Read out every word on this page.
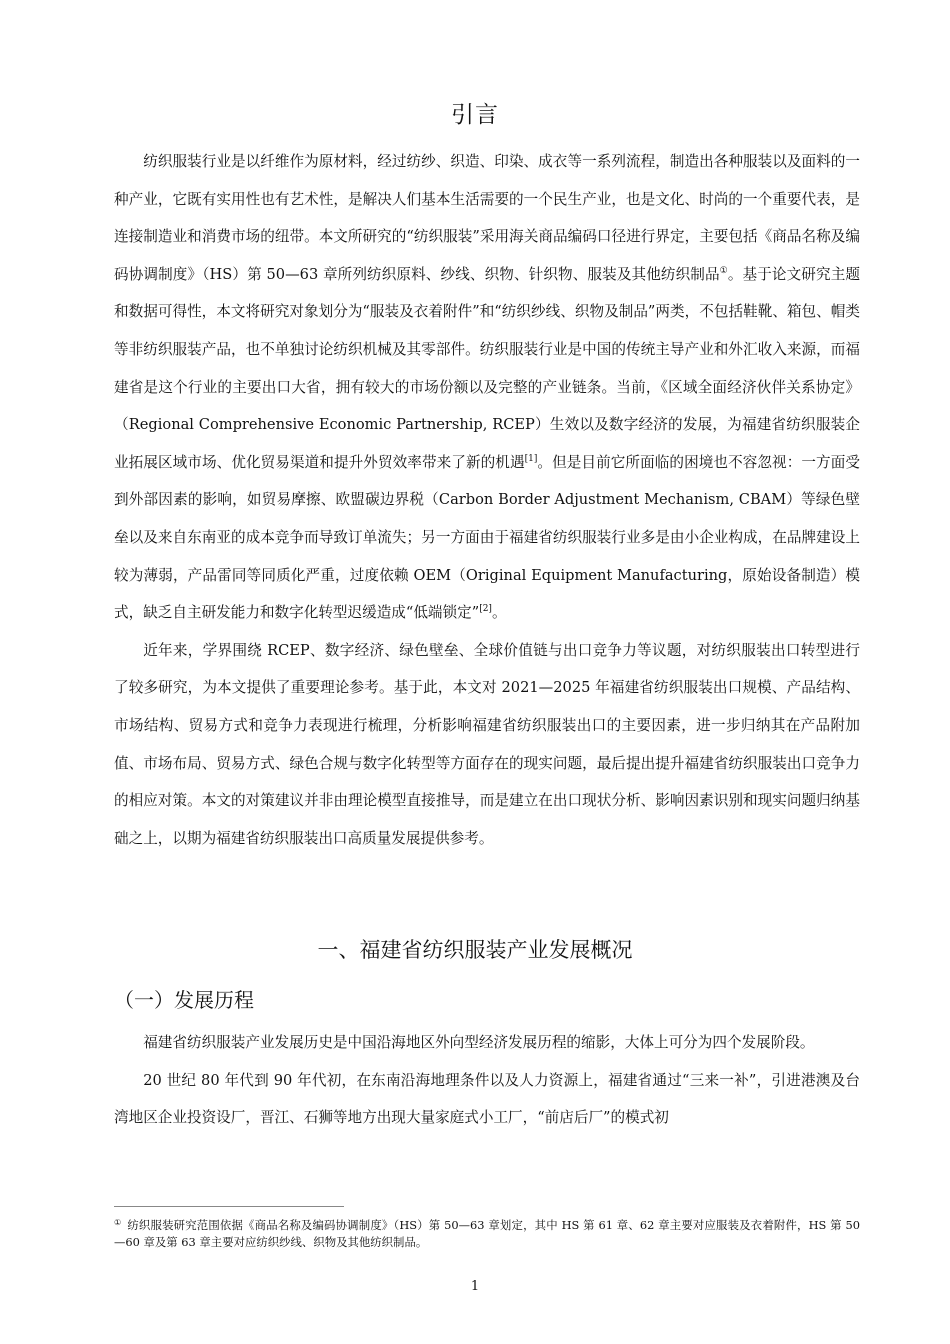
引言

纺织服装行业是以纤维作为原材料，经过纺纱、织造、印染、成衣等一系列流程，制造出各种服装以及面料的一种产业，它既有实用性也有艺术性，是解决人们基本生活需要的一个民生产业，也是文化、时尚的一个重要代表，是连接制造业和消费市场的纽带。本文所研究的“纺织服装”采用海关商品编码口径进行界定，主要包括《商品名称及编码协调制度》（HS）第 50—63 章所列纺织原料、纱线、织物、针织物、服装及其他纺织制品①。基于论文研究主题和数据可得性，本文将研究对象划分为“服装及衣着附件”和“纺织纱线、织物及制品”两类，不包括鞋靴、箱包、帽类等非纺织服装产品，也不单独讨论纺织机械及其零部件。纺织服装行业是中国的传统主导产业和外汇收入来源，而福建省是这个行业的主要出口大省，拥有较大的市场份额以及完整的产业链条。当前，《区域全面经济伙伴关系协定》（Regional Comprehensive Economic Partnership, RCEP）生效以及数字经济的发展，为福建省纺织服装企业拓展区域市场、优化贸易渠道和提升外贸效率带来了新的机遇[1]。但是目前它所面临的困境也不容忽视：一方面受到外部因素的影响，如贸易摩擦、欧盟碳边界税（Carbon Border Adjustment Mechanism, CBAM）等绿色壁垒以及来自东南亚的成本竞争而导致订单流失；另一方面由于福建省纺织服装行业多是由小企业构成，在品牌建设上较为薄弱，产品雷同等同质化严重，过度依赖 OEM（Original Equipment Manufacturing，原始设备制造）模式，缺乏自主研发能力和数字化转型迟缓造成“低端锁定”[2]。

近年来，学界围绕 RCEP、数字经济、绿色壁垒、全球价值链与出口竞争力等议题，对纺织服装出口转型进行了较多研究，为本文提供了重要理论参考。基于此，本文对 2021—2025 年福建省纺织服装出口规模、产品结构、市场结构、贸易方式和竞争力表现进行梳理，分析影响福建省纺织服装出口的主要因素，进一步归纳其在产品附加值、市场布局、贸易方式、绿色合规与数字化转型等方面存在的现实问题，最后提出提升福建省纺织服装出口竞争力的相应对策。本文的对策建议并非由理论模型直接推导，而是建立在出口现状分析、影响因素识别和现实问题归纳基础之上，以期为福建省纺织服装出口高质量发展提供参考。

一、福建省纺织服装产业发展概况
（一）发展历程

福建省纺织服装产业发展历史是中国沿海地区外向型经济发展历程的缩影，大体上可分为四个发展阶段。

20 世纪 80 年代到 90 年代初，在东南沿海地理条件以及人力资源上，福建省通过“三来一补”，引进港澳及台湾地区企业投资设厂，晋江、石狮等地方出现大量家庭式小工厂，“前店后厂”的模式初

① 纺织服装研究范围依据《商品名称及编码协调制度》（HS）第 50—63 章划定，其中 HS 第 61 章、62 章主要对应服装及衣着附件，HS 第 50—60 章及第 63 章主要对应纺织纱线、织物及其他纺织制品。
1
